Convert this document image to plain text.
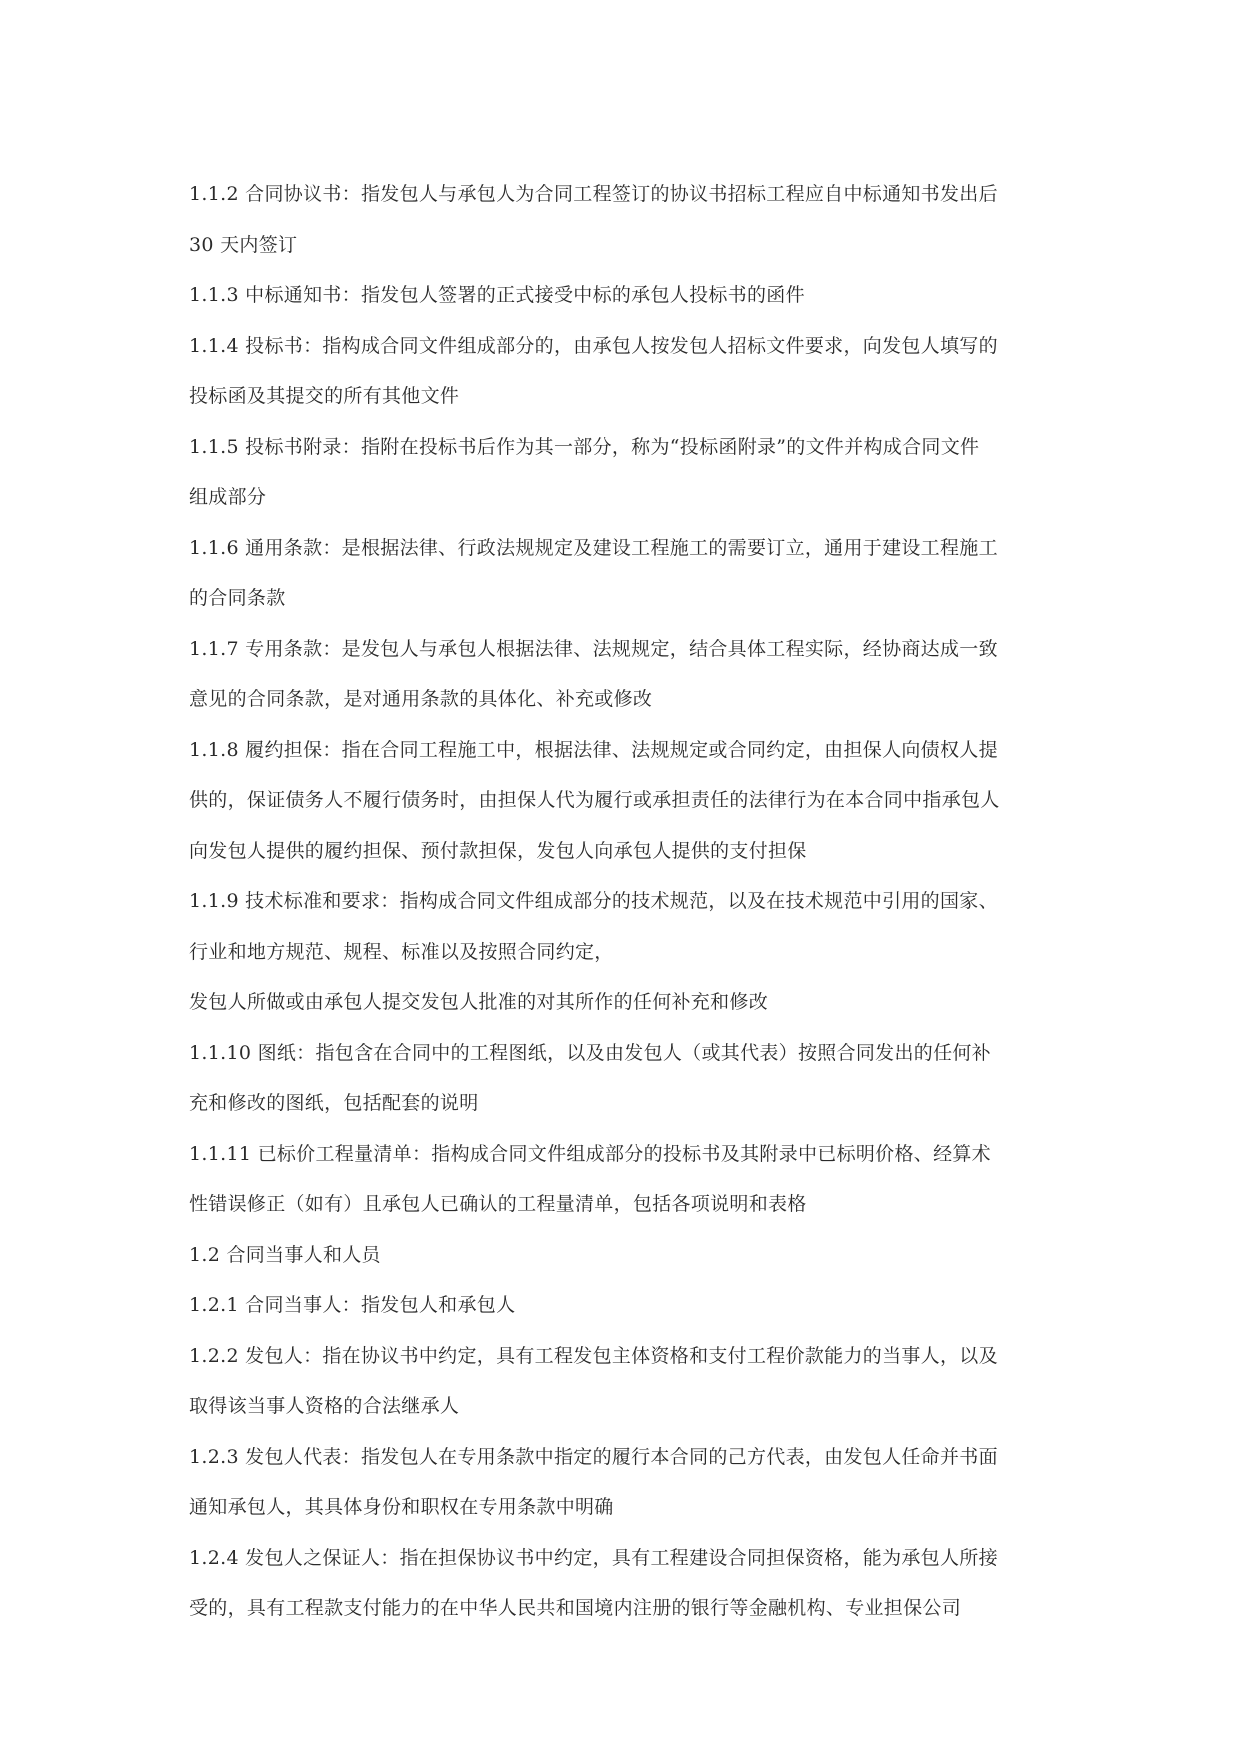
1.1.2 合同协议书：指发包人与承包人为合同工程签订的协议书招标工程应自中标通知书发出后
30 天内签订
1.1.3 中标通知书：指发包人签署的正式接受中标的承包人投标书的函件
1.1.4 投标书：指构成合同文件组成部分的，由承包人按发包人招标文件要求，向发包人填写的
投标函及其提交的所有其他文件
1.1.5 投标书附录：指附在投标书后作为其一部分，称为“投标函附录”的文件并构成合同文件
组成部分
1.1.6 通用条款：是根据法律、行政法规规定及建设工程施工的需要订立，通用于建设工程施工
的合同条款
1.1.7 专用条款：是发包人与承包人根据法律、法规规定，结合具体工程实际，经协商达成一致
意见的合同条款，是对通用条款的具体化、补充或修改
1.1.8 履约担保：指在合同工程施工中，根据法律、法规规定或合同约定，由担保人向债权人提
供的，保证债务人不履行债务时，由担保人代为履行或承担责任的法律行为在本合同中指承包人
向发包人提供的履约担保、预付款担保，发包人向承包人提供的支付担保
1.1.9 技术标准和要求：指构成合同文件组成部分的技术规范，以及在技术规范中引用的国家、
行业和地方规范、规程、标准以及按照合同约定，
发包人所做或由承包人提交发包人批准的对其所作的任何补充和修改
1.1.10 图纸：指包含在合同中的工程图纸，以及由发包人（或其代表）按照合同发出的任何补
充和修改的图纸，包括配套的说明
1.1.11 已标价工程量清单：指构成合同文件组成部分的投标书及其附录中已标明价格、经算术
性错误修正（如有）且承包人已确认的工程量清单，包括各项说明和表格
1.2 合同当事人和人员
1.2.1 合同当事人：指发包人和承包人
1.2.2 发包人：指在协议书中约定，具有工程发包主体资格和支付工程价款能力的当事人，以及
取得该当事人资格的合法继承人
1.2.3 发包人代表：指发包人在专用条款中指定的履行本合同的己方代表，由发包人任命并书面
通知承包人，其具体身份和职权在专用条款中明确
1.2.4 发包人之保证人：指在担保协议书中约定，具有工程建设合同担保资格，能为承包人所接
受的，具有工程款支付能力的在中华人民共和国境内注册的银行等金融机构、专业担保公司
